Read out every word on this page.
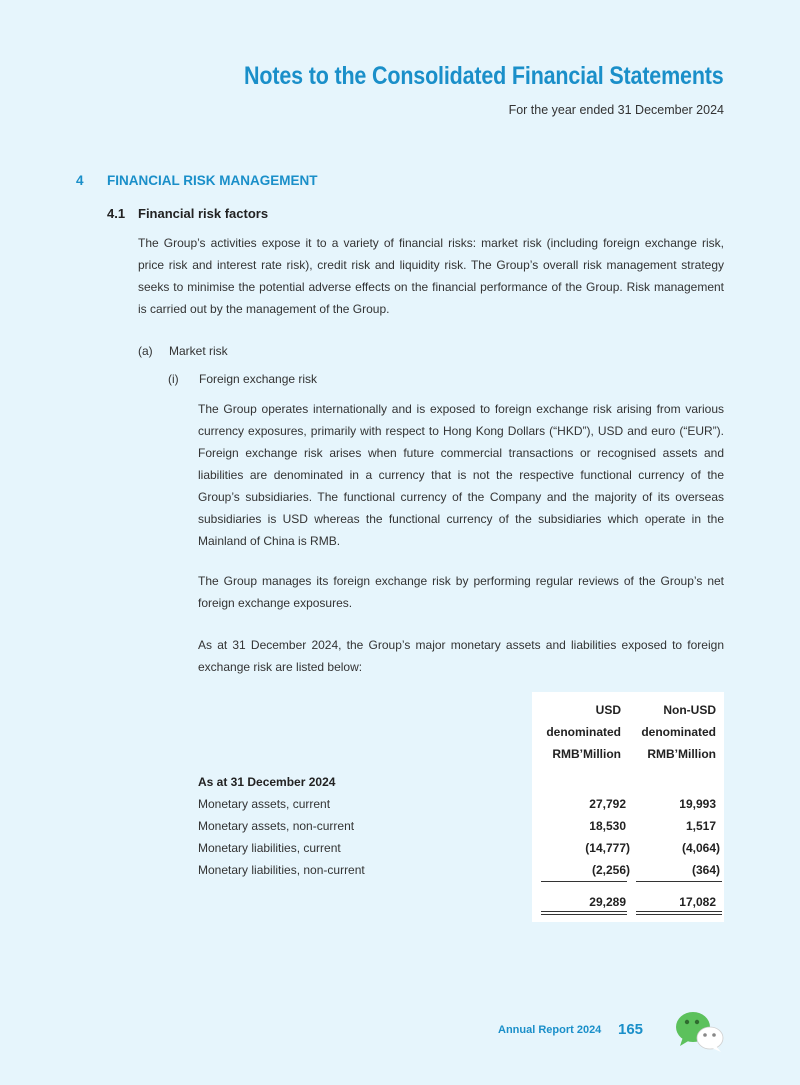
Notes to the Consolidated Financial Statements
For the year ended 31 December 2024
4 FINANCIAL RISK MANAGEMENT
4.1 Financial risk factors
The Group’s activities expose it to a variety of financial risks: market risk (including foreign exchange risk, price risk and interest rate risk), credit risk and liquidity risk. The Group’s overall risk management strategy seeks to minimise the potential adverse effects on the financial performance of the Group. Risk management is carried out by the management of the Group.
(a) Market risk
(i) Foreign exchange risk
The Group operates internationally and is exposed to foreign exchange risk arising from various currency exposures, primarily with respect to Hong Kong Dollars (“HKD”), USD and euro (“EUR”). Foreign exchange risk arises when future commercial transactions or recognised assets and liabilities are denominated in a currency that is not the respective functional currency of the Group’s subsidiaries. The functional currency of the Company and the majority of its overseas subsidiaries is USD whereas the functional currency of the subsidiaries which operate in the Mainland of China is RMB.
The Group manages its foreign exchange risk by performing regular reviews of the Group’s net foreign exchange exposures.
As at 31 December 2024, the Group’s major monetary assets and liabilities exposed to foreign exchange risk are listed below:
USD
denominated
RMB’Million
Non-USD
denominated
RMB’Million
As at 31 December 2024
Monetary assets, current	27,792	19,993
Monetary assets, non-current	18,530	1,517
Monetary liabilities, current	(14,777)	(4,064)
Monetary liabilities, non-current	(2,256)	(364)
29,289	17,082
Annual Report 2024 165
